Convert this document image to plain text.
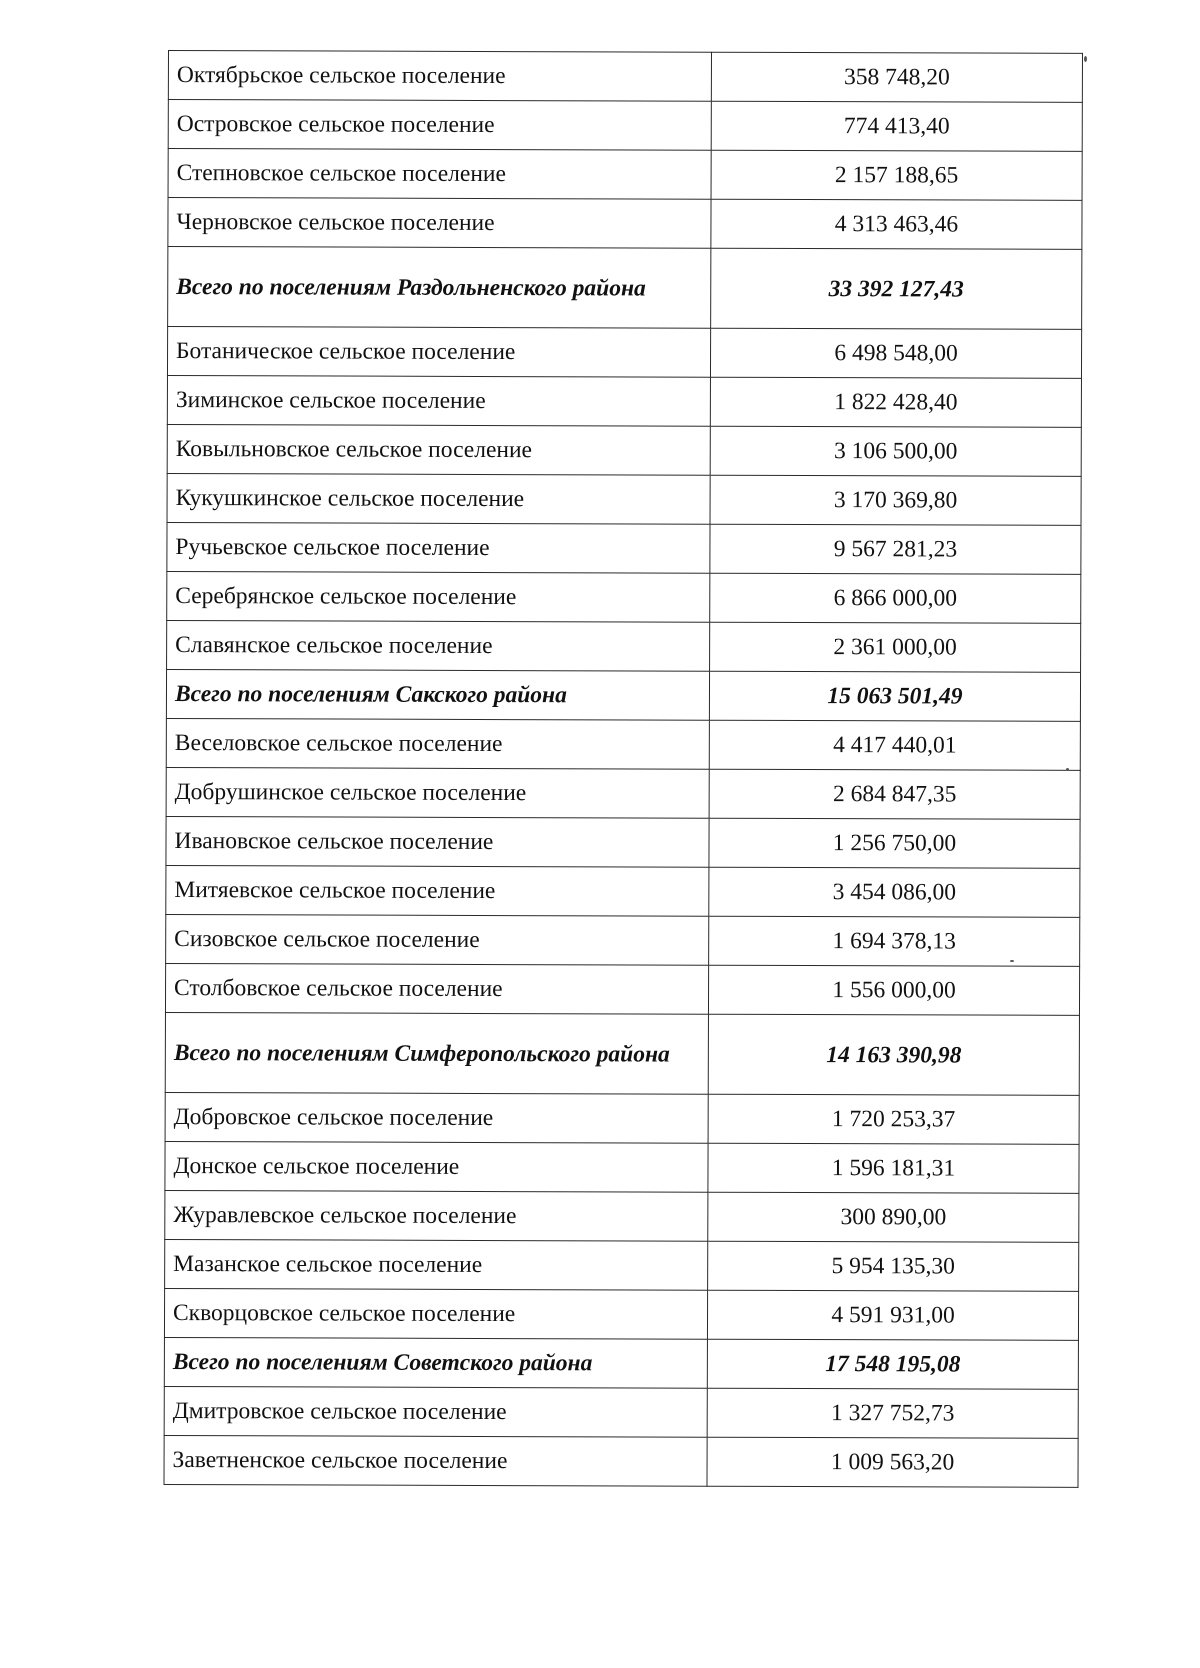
Октябрьское сельское поселение	358 748,20
Островское сельское поселение	774 413,40
Степновское сельское поселение	2 157 188,65
Черновское сельское поселение	4 313 463,46
Всего по поселениям Раздольненского района	33 392 127,43
Ботаническое сельское поселение	6 498 548,00
Зиминское сельское поселение	1 822 428,40
Ковыльновское сельское поселение	3 106 500,00
Кукушкинское сельское поселение	3 170 369,80
Ручьевское сельское поселение	9 567 281,23
Серебрянское сельское поселение	6 866 000,00
Славянское сельское поселение	2 361 000,00
Всего по поселениям Сакского района	15 063 501,49
Веселовское сельское поселение	4 417 440,01
Добрушинское сельское поселение	2 684 847,35
Ивановское сельское поселение	1 256 750,00
Митяевское сельское поселение	3 454 086,00
Сизовское сельское поселение	1 694 378,13
Столбовское сельское поселение	1 556 000,00
Всего по поселениям Симферопольского района	14 163 390,98
Добровское сельское поселение	1 720 253,37
Донское сельское поселение	1 596 181,31
Журавлевское сельское поселение	300 890,00
Мазанское сельское поселение	5 954 135,30
Скворцовское сельское поселение	4 591 931,00
Всего по поселениям Советского района	17 548 195,08
Дмитровское сельское поселение	1 327 752,73
Заветненское сельское поселение	1 009 563,20
